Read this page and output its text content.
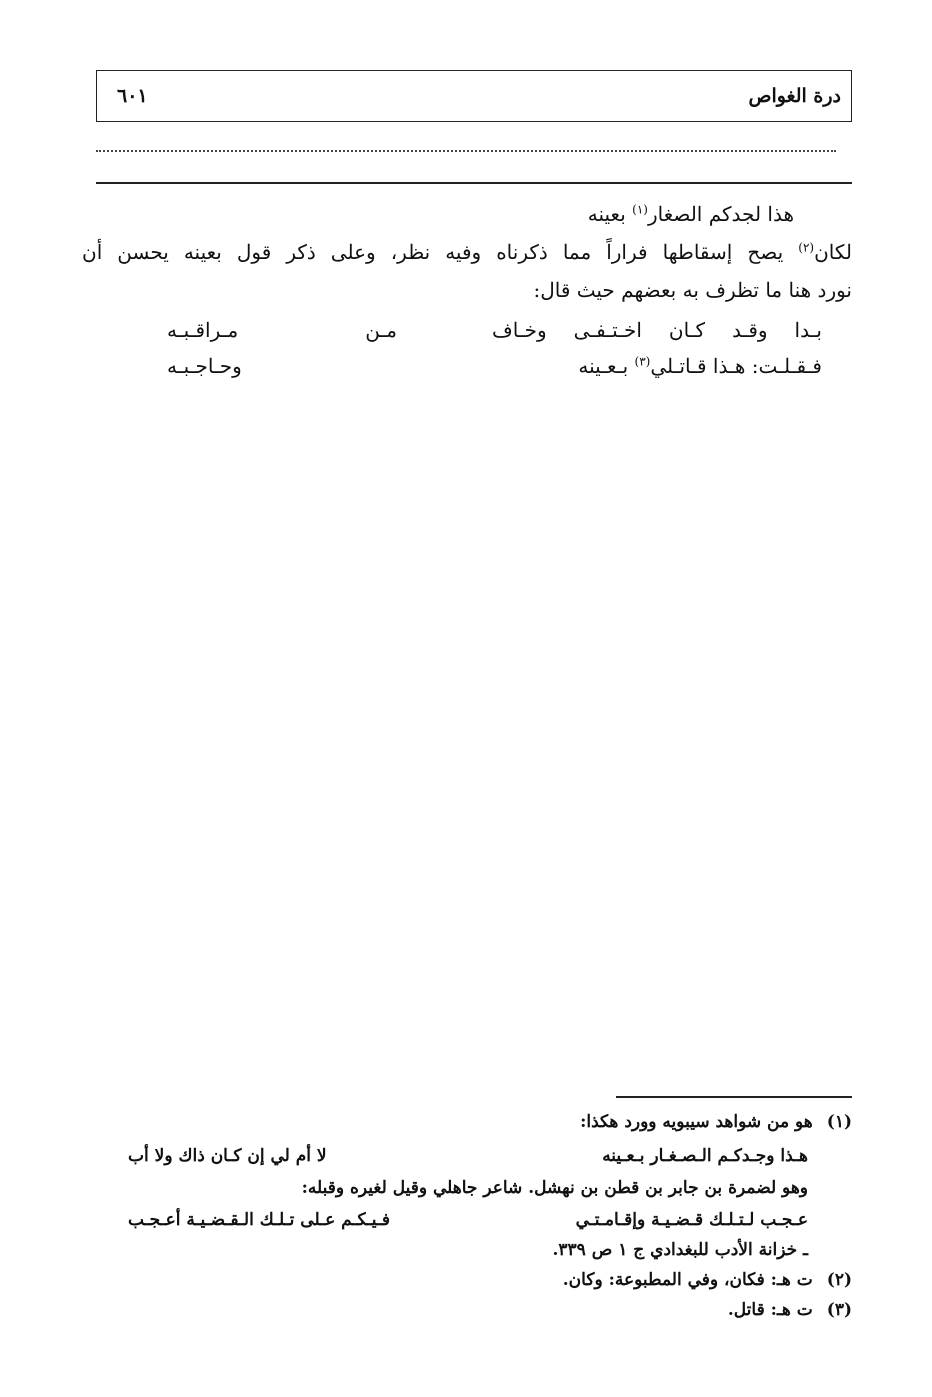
درة الغواص
٦٠١
هذا لجدكم الصغار$^{(١)}$ بعينه
لكان$^{(٢)}$ يصح إسقاطها فراراً مما ذكرناه وفيه نظر، وعلى ذكر قول بعينه يحسن أن
نورد هنا ما تظرف به بعضهم حيث قال:
بـدا وقـد كـان اخـتـفـى وخـاف
مـن مـراقـبـه
فـقـلـت: هـذا قـاتـلي$^{(٣)}$ بـعـينه
وحـاجـبـه
(١)هو من شواهد سيبويه وورد هكذا:
هـذا وجـدكـم الـصـغـار بـعـينه
لا أم لي إن كـان ذاك ولا أب
وهو لضمرة بن جابر بن قطن بن نهشل. شاعر جاهلي وقيل لغيره وقبله:
عـجـب لـتـلـك قـضـيـة وإقـامـتـي
فـيـكـم عـلى تـلـك الـقـضـيـة أعـجـب
ـ خزانة الأدب للبغدادي ج ١ ص ٣٣٩.
(٢)ت هـ: فكان، وفي المطبوعة: وكان.
(٣)ت هـ: قاتل.
